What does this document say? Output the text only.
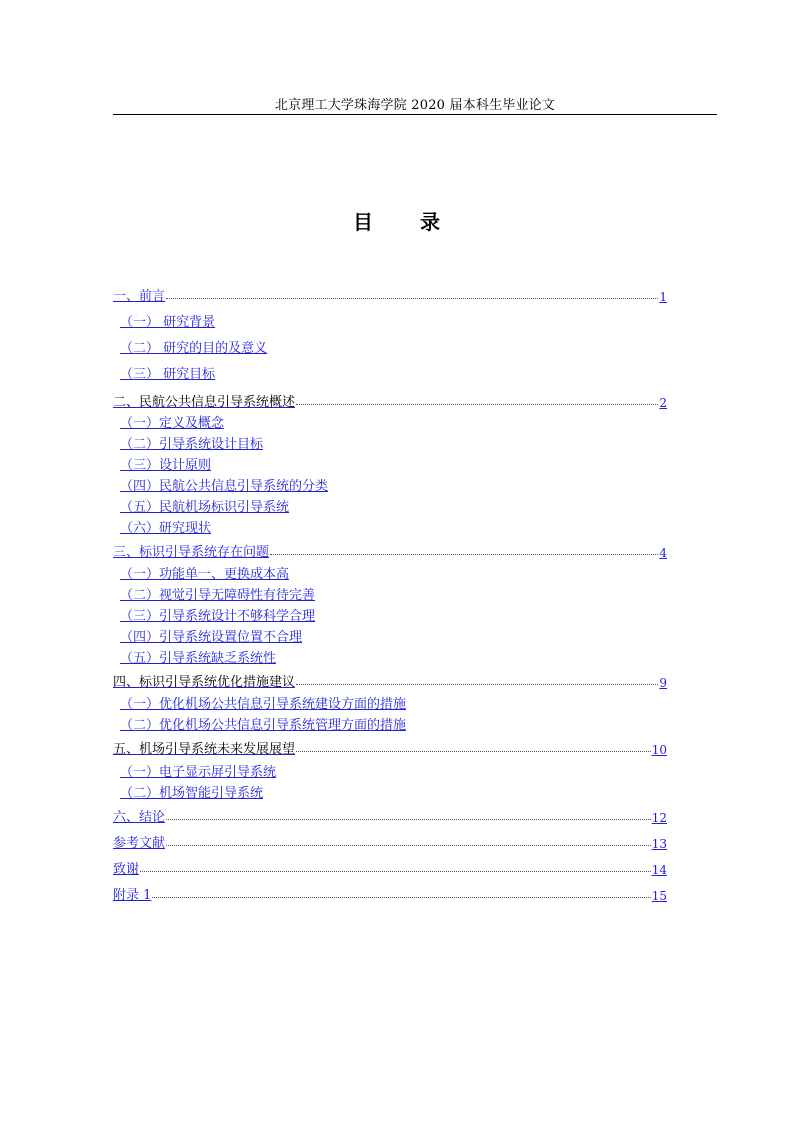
北京理工大学珠海学院 2020 届本科生毕业论文
目 录
一、前言	1
（一） 研究背景
（二） 研究的目的及意义
（三） 研究目标
二、民航公共信息引导系统概述	2
（一）定义及概念
（二）引导系统设计目标
（三）设计原则
（四）民航公共信息引导系统的分类
（五）民航机场标识引导系统
（六）研究现状
三、标识引导系统存在问题	4
（一）功能单一、更换成本高
（二）视觉引导无障碍性有待完善
（三）引导系统设计不够科学合理
（四）引导系统设置位置不合理
（五）引导系统缺乏系统性
四、标识引导系统优化措施建议	9
（一）优化机场公共信息引导系统建设方面的措施
（二）优化机场公共信息引导系统管理方面的措施
五、机场引导系统未来发展展望	10
（一）电子显示屏引导系统
（二）机场智能引导系统
六、结论	12
参考文献	13
致谢	14
附录 1	15
